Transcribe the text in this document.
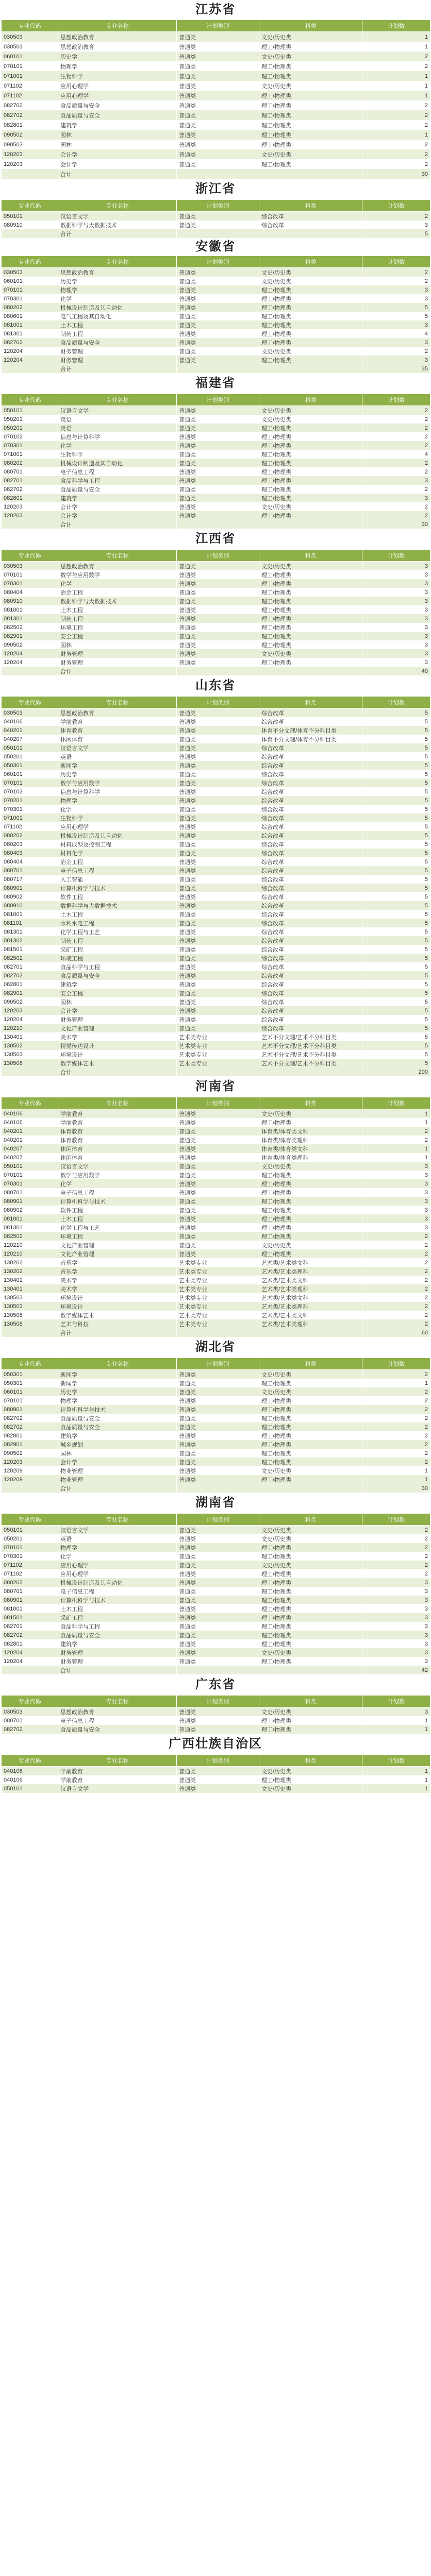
江苏省
专业代码	专业名称	计划类别	科类	计划数
030503	思想政治教育	普通类	文史/历史类	1
030503	思想政治教育	普通类	理工/物理类	1
060101	历史学	普通类	文史/历史类	2
070101	物理学	普通类	理工/物理类	2
071001	生物科学	普通类	理工/物理类	1
071102	应用心理学	普通类	文史/历史类	1
071102	应用心理学	普通类	理工/物理类	1
082702	食品质量与安全	普通类	理工/物理类	2
082702	食品质量与安全	普通类	理工/物理类	2
082801	建筑学	普通类	理工/物理类	2
090502	园林	普通类	理工/物理类	1
090502	园林	普通类	理工/物理类	2
120203	会计学	普通类	文史/历史类	2
120203	会计学	普通类	理工/物理类	2
	合计			30
浙江省
专业代码	专业名称	计划类别	科类	计划数
050101	汉语言文学	普通类	综合改革	2
080910	数据科学与大数据技术	普通类	综合改革	3
	合计			5
安徽省
专业代码	专业名称	计划类别	科类	计划数
030503	思想政治教育	普通类	文史/历史类	2
060101	历史学	普通类	文史/历史类	2
070101	物理学	普通类	理工/物理类	3
070301	化学	普通类	理工/物理类	3
080202	机械设计制造及其自动化	普通类	理工/物理类	5
080601	电气工程及其自动化	普通类	理工/物理类	5
081001	土木工程	普通类	理工/物理类	3
081301	制药工程	普通类	理工/物理类	4
082702	食品质量与安全	普通类	理工/物理类	3
120204	财务管理	普通类	文史/历史类	2
120204	财务管理	普通类	理工/物理类	3
	合计			35
福建省
专业代码	专业名称	计划类别	科类	计划数
050101	汉语言文学	普通类	文史/历史类	2
050201	英语	普通类	文史/历史类	2
050201	英语	普通类	理工/物理类	2
070102	信息与计算科学	普通类	理工/物理类	2
070301	化学	普通类	理工/物理类	2
071001	生物科学	普通类	理工/物理类	4
080202	机械设计制造及其自动化	普通类	理工/物理类	2
080701	电子信息工程	普通类	理工/物理类	2
082701	食品科学与工程	普通类	理工/物理类	3
082702	食品质量与安全	普通类	理工/物理类	2
082801	建筑学	普通类	理工/物理类	3
120203	会计学	普通类	文史/历史类	2
120203	会计学	普通类	理工/物理类	2
	合计			30
江西省
专业代码	专业名称	计划类别	科类	计划数
030503	思想政治教育	普通类	文史/历史类	3
070101	数学与应用数学	普通类	理工/物理类	3
070301	化学	普通类	理工/物理类	3
080404	冶金工程	普通类	理工/物理类	3
080910	数据科学与大数据技术	普通类	理工/物理类	3
081001	土木工程	普通类	理工/物理类	3
081301	制药工程	普通类	理工/物理类	3
082502	环境工程	普通类	理工/物理类	3
082901	安全工程	普通类	理工/物理类	3
090502	园林	普通类	理工/物理类	3
120204	财务管理	普通类	文史/历史类	3
120204	财务管理	普通类	理工/物理类	3
	合计			40
山东省
专业代码	专业名称	计划类别	科类	计划数
030503	思想政治教育	普通类	综合改革	5
040106	学前教育	普通类	综合改革	5
040201	体育教育	普通类	体育不分文理/体育不分科目类	5
040207	休闲体育	普通类	体育不分文理/体育不分科目类	5
050101	汉语言文学	普通类	综合改革	5
050201	英语	普通类	综合改革	5
050301	新闻学	普通类	综合改革	5
060101	历史学	普通类	综合改革	5
070101	数学与应用数学	普通类	综合改革	5
070102	信息与计算科学	普通类	综合改革	5
070201	物理学	普通类	综合改革	5
070301	化学	普通类	综合改革	5
071001	生物科学	普通类	综合改革	5
071102	应用心理学	普通类	综合改革	5
080202	机械设计制造及其自动化	普通类	综合改革	5
080203	材料成型及控制工程	普通类	综合改革	5
080403	材料化学	普通类	综合改革	5
080404	冶金工程	普通类	综合改革	5
080701	电子信息工程	普通类	综合改革	5
080717	人工智能	普通类	综合改革	5
080901	计算机科学与技术	普通类	综合改革	5
080902	软件工程	普通类	综合改革	5
080910	数据科学与大数据技术	普通类	综合改革	5
081001	土木工程	普通类	综合改革	5
081101	水利水电工程	普通类	综合改革	5
081301	化学工程与工艺	普通类	综合改革	5
081302	制药工程	普通类	综合改革	5
081501	采矿工程	普通类	综合改革	5
082502	环境工程	普通类	综合改革	5
082701	食品科学与工程	普通类	综合改革	5
082702	食品质量与安全	普通类	综合改革	5
082801	建筑学	普通类	综合改革	5
082901	安全工程	普通类	综合改革	5
090502	园林	普通类	综合改革	5
120203	会计学	普通类	综合改革	5
120204	财务管理	普通类	综合改革	5
120210	文化产业管理	普通类	综合改革	5
130401	美术学	艺术类专业	艺术不分文理/艺术不分科目类	5
130502	视觉传达设计	艺术类专业	艺术不分文理/艺术不分科目类	5
130503	环境设计	艺术类专业	艺术不分文理/艺术不分科目类	5
130508	数字媒体艺术	艺术类专业	艺术不分文理/艺术不分科目类	5
	合计			200
河南省
专业代码	专业名称	计划类别	科类	计划数
040106	学前教育	普通类	文史/历史类	1
040106	学前教育	普通类	理工/物理类	1
040201	体育教育	普通类	体育类/体育类文科	2
040201	体育教育	普通类	体育类/体育类理科	2
040207	休闲体育	普通类	体育类/体育类文科	1
040207	休闲体育	普通类	体育类/体育类理科	1
050101	汉语言文学	普通类	文史/历史类	3
070101	数学与应用数学	普通类	理工/物理类	3
070301	化学	普通类	理工/物理类	3
080701	电子信息工程	普通类	理工/物理类	3
080901	计算机科学与技术	普通类	理工/物理类	3
080902	软件工程	普通类	理工/物理类	3
081001	土木工程	普通类	理工/物理类	3
081301	化学工程与工艺	普通类	理工/物理类	3
082502	环境工程	普通类	理工/物理类	2
120210	文化产业管理	普通类	文史/历史类	2
120210	文化产业管理	普通类	理工/物理类	2
130202	音乐学	艺术类专业	艺术类/艺术类文科	2
130202	音乐学	艺术类专业	艺术类/艺术类理科	2
130401	美术学	艺术类专业	艺术类/艺术类文科	2
130401	美术学	艺术类专业	艺术类/艺术类理科	2
130503	环境设计	艺术类专业	艺术类/艺术类文科	2
130503	环境设计	艺术类专业	艺术类/艺术类理科	2
130508	数字媒体艺术	艺术类专业	艺术类/艺术类文科	2
130508	艺术与科技	艺术类专业	艺术类/艺术类理科	2
	合计			60
湖北省
专业代码	专业名称	计划类别	科类	计划数
050301	新闻学	普通类	文史/历史类	2
050301	新闻学	普通类	理工/物理类	1
060101	历史学	普通类	文史/历史类	2
070101	物理学	普通类	理工/物理类	2
080901	计算机科学与技术	普通类	理工/物理类	2
082702	食品质量与安全	普通类	理工/物理类	2
082702	食品质量与安全	普通类	理工/物理类	2
082801	建筑学	普通类	理工/物理类	2
082901	城乡规划	普通类	理工/物理类	2
090502	园林	普通类	理工/物理类	2
120203	会计学	普通类	理工/物理类	2
120209	物业管理	普通类	文史/历史类	1
120209	物业管理	普通类	理工/物理类	1
	合计			30
湖南省
专业代码	专业名称	计划类别	科类	计划数
050101	汉语言文学	普通类	文史/历史类	2
050201	英语	普通类	文史/历史类	2
070101	物理学	普通类	理工/物理类	2
070301	化学	普通类	理工/物理类	2
071102	应用心理学	普通类	文史/历史类	2
071102	应用心理学	普通类	理工/物理类	2
080202	机械设计制造及其自动化	普通类	理工/物理类	3
080701	电子信息工程	普通类	理工/物理类	3
080901	计算机科学与技术	普通类	理工/物理类	3
081001	土木工程	普通类	理工/物理类	3
081501	采矿工程	普通类	理工/物理类	3
082701	食品科学与工程	普通类	理工/物理类	3
082702	食品质量与安全	普通类	理工/物理类	3
082801	建筑学	普通类	理工/物理类	3
120204	财务管理	普通类	文史/历史类	3
120204	财务管理	普通类	理工/物理类	3
	合计			42
广东省
专业代码	专业名称	计划类别	科类	计划数
030503	思想政治教育	普通类	文史/历史类	3
080701	电子信息工程	普通类	理工/物理类	1
082702	食品质量与安全	普通类	理工/物理类	1
广西壮族自治区
专业代码	专业名称	计划类别	科类	计划数
040106	学前教育	普通类	文史/历史类	1
040106	学前教育	普通类	理工/物理类	1
050101	汉语言文学	普通类	文史/历史类	1
